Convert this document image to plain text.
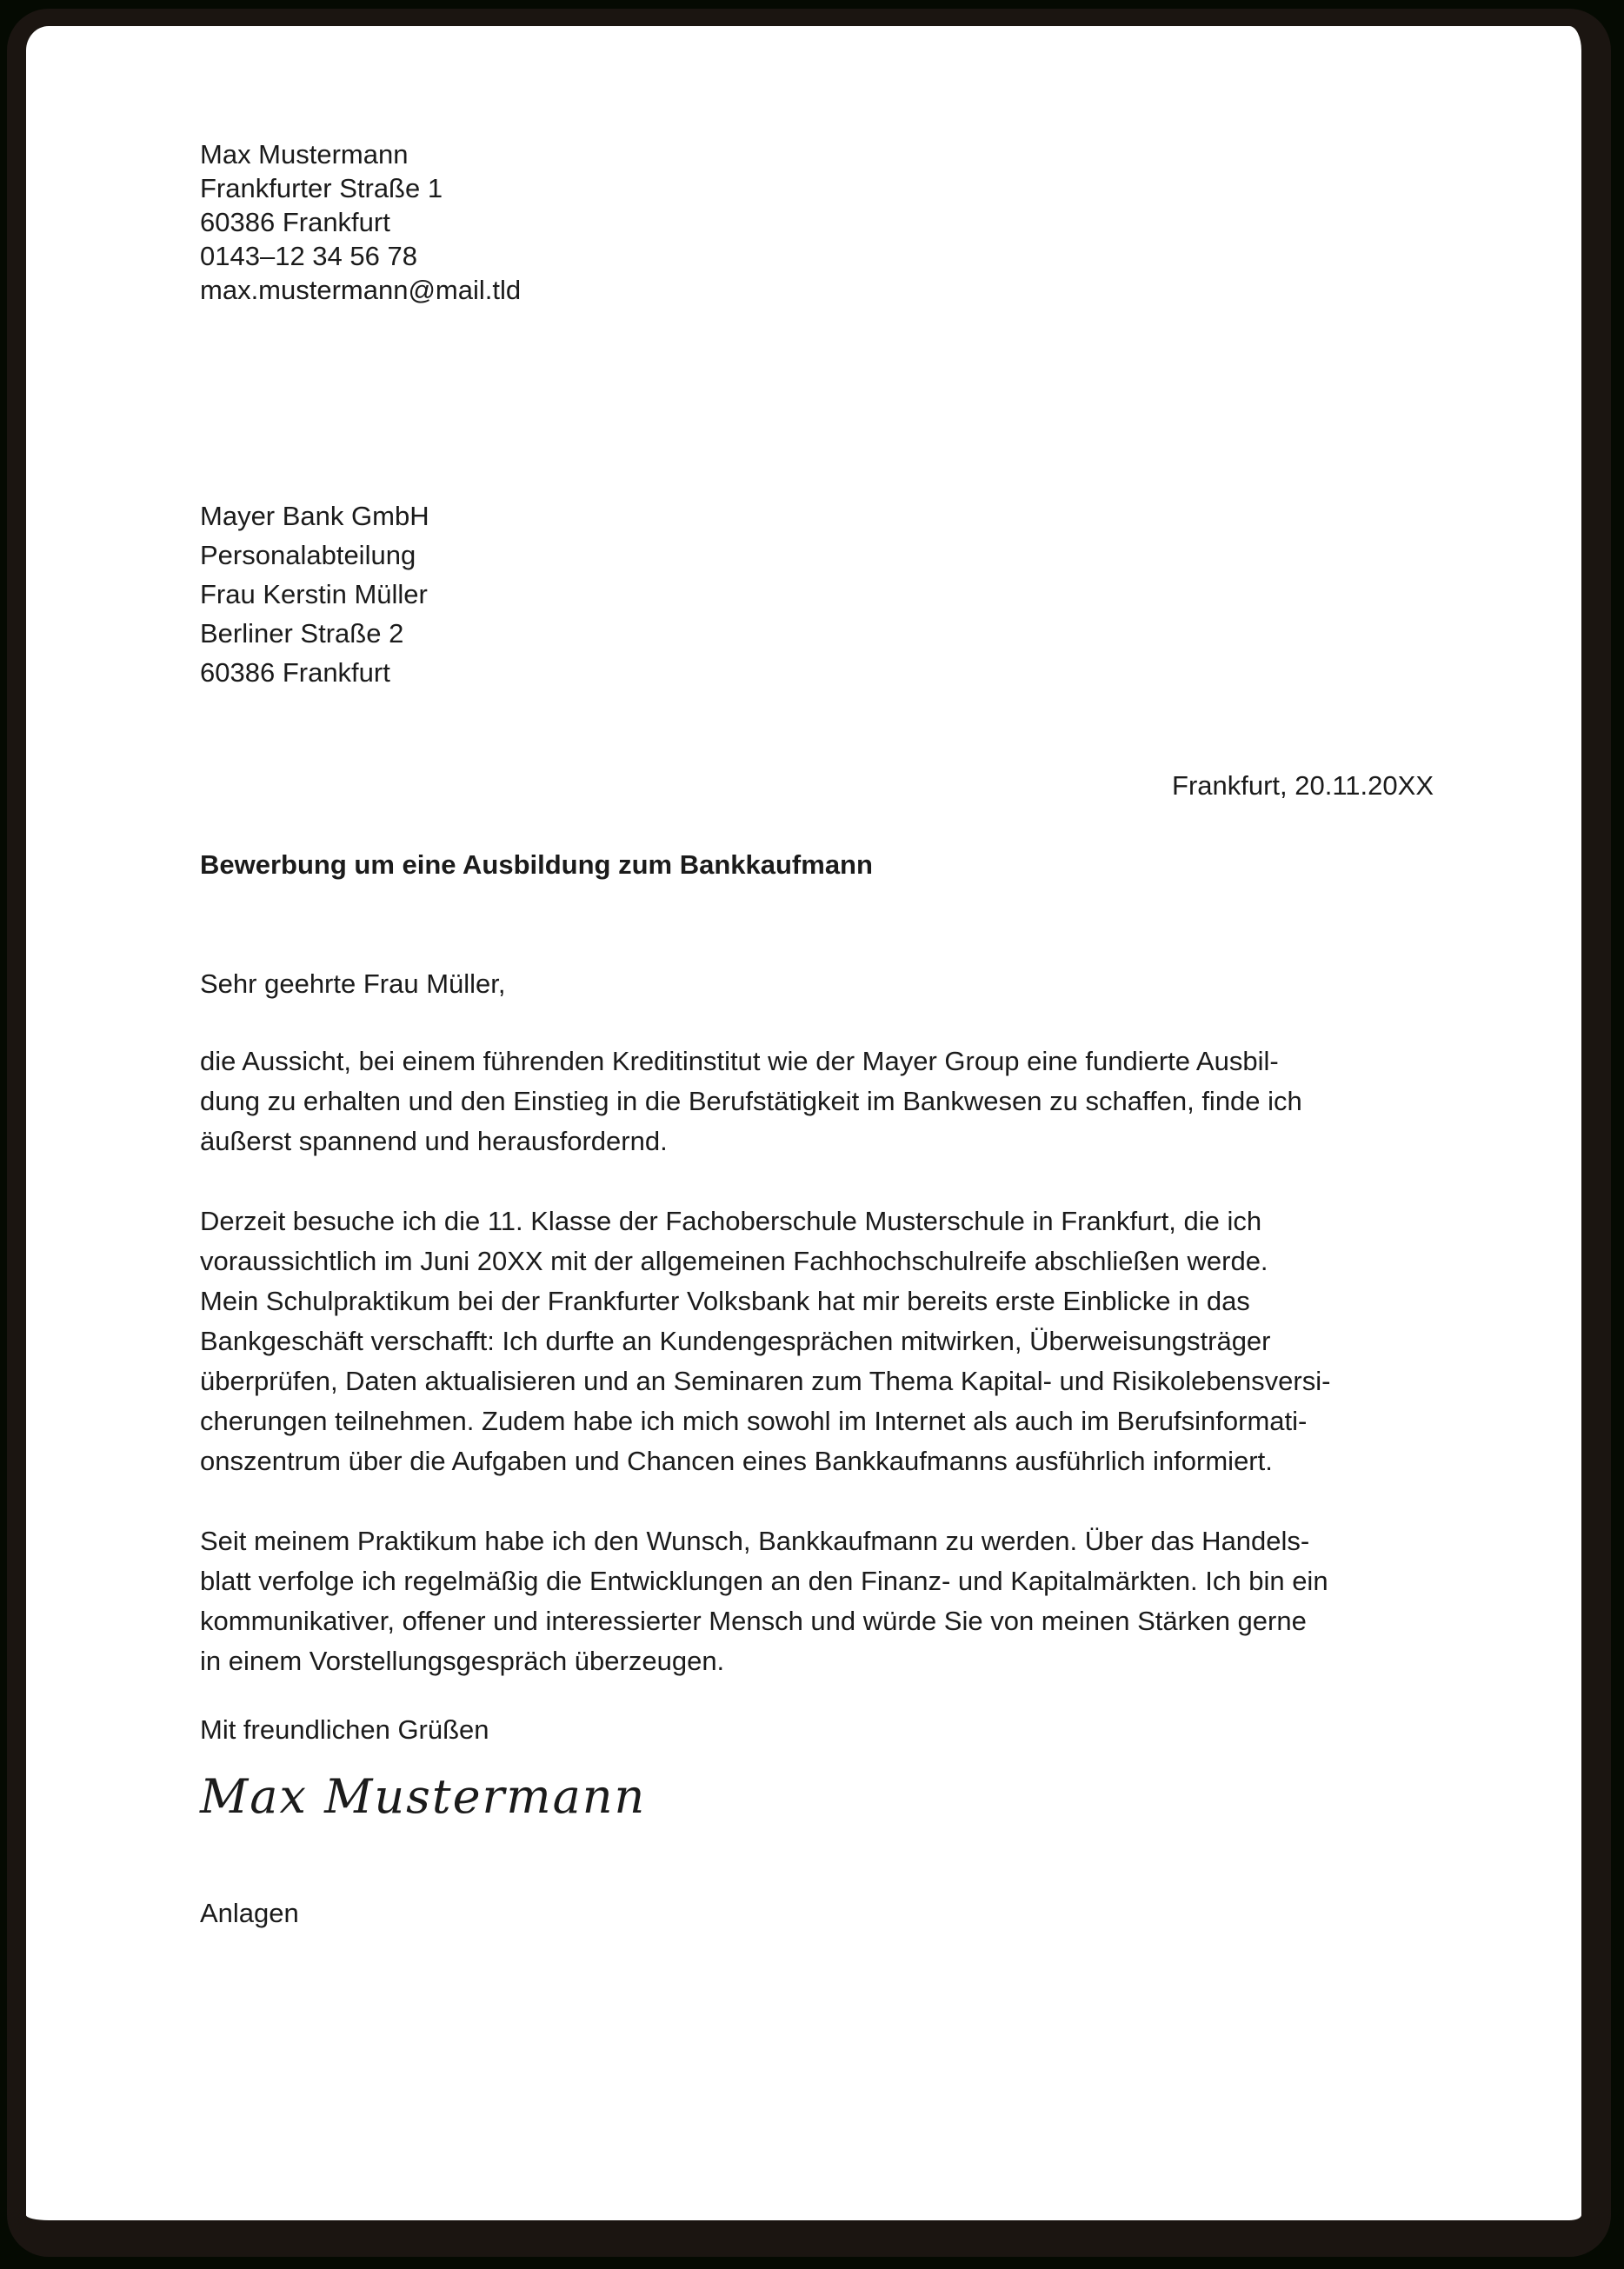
Max Mustermann
Frankfurter Straße 1
60386 Frankfurt
0143–12 34 56 78
max.mustermann@mail.tld
Mayer Bank GmbH
Personalabteilung
Frau Kerstin Müller
Berliner Straße 2
60386 Frankfurt
Frankfurt, 20.11.20XX
Bewerbung um eine Ausbildung zum Bankkaufmann
Sehr geehrte Frau Müller,
die Aussicht, bei einem führenden Kreditinstitut wie der Mayer Group eine fundierte Ausbil-
dung zu erhalten und den Einstieg in die Berufstätigkeit im Bankwesen zu schaffen, finde ich
äußerst spannend und herausfordernd.
Derzeit besuche ich die 11. Klasse der Fachoberschule Musterschule in Frankfurt, die ich
voraussichtlich im Juni 20XX mit der allgemeinen Fachhochschulreife abschließen werde.
Mein Schulpraktikum bei der Frankfurter Volksbank hat mir bereits erste Einblicke in das
Bankgeschäft verschafft: Ich durfte an Kundengesprächen mitwirken, Überweisungsträger
überprüfen, Daten aktualisieren und an Seminaren zum Thema Kapital- und Risikolebensversi-
cherungen teilnehmen. Zudem habe ich mich sowohl im Internet als auch im Berufsinformati-
onszentrum über die Aufgaben und Chancen eines Bankkaufmanns ausführlich informiert.
Seit meinem Praktikum habe ich den Wunsch, Bankkaufmann zu werden. Über das Handels-
blatt verfolge ich regelmäßig die Entwicklungen an den Finanz- und Kapitalmärkten. Ich bin ein
kommunikativer, offener und interessierter Mensch und würde Sie von meinen Stärken gerne
in einem Vorstellungsgespräch überzeugen.
Mit freundlichen Grüßen
Max Mustermann
Anlagen
